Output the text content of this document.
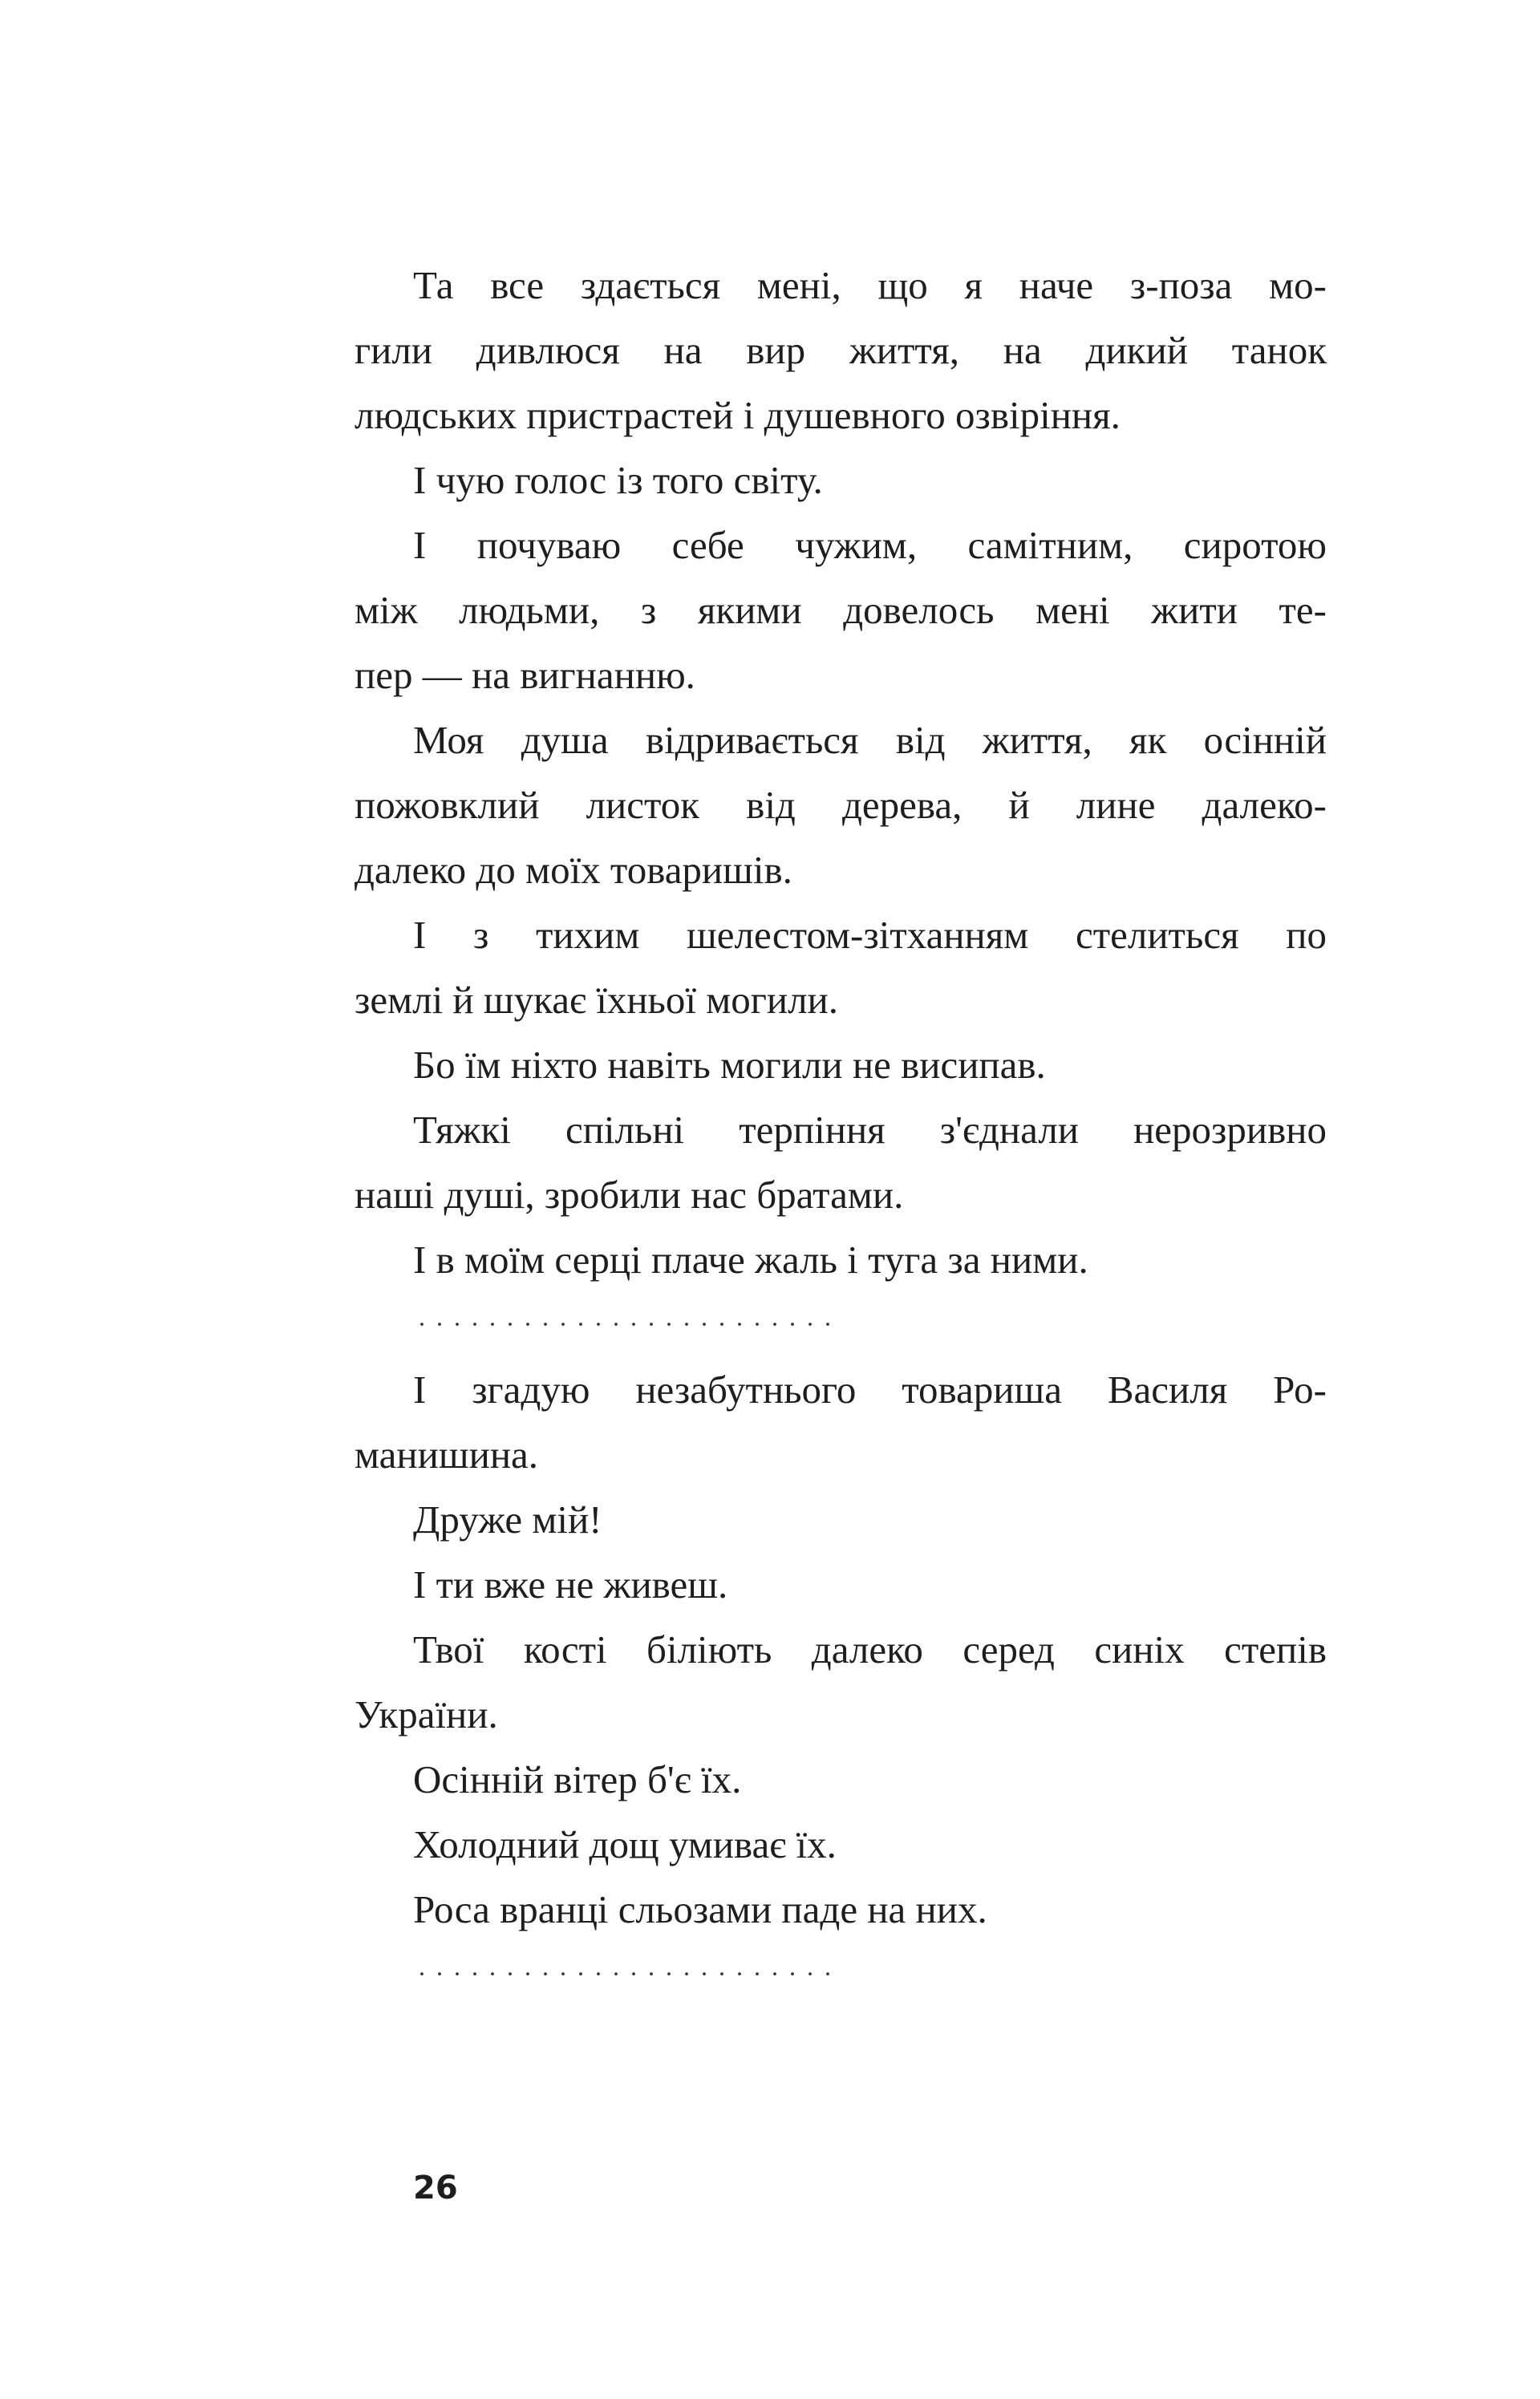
Та все здається мені, що я наче з-поза мо-
гили дивлюся на вир життя, на дикий танок
людських пристрастей і душевного озвіріння.
І чую голос із того світу.
І почуваю себе чужим, самітним, сиротою
між людьми, з якими довелось мені жити те-
пер — на вигнанню.
Моя душа відривається від життя, як осінній
пожовклий листок від дерева, й лине далеко-
далеко до моїх товаришів.
І з тихим шелестом-зітханням стелиться по
землі й шукає їхньої могили.
Бо їм ніхто навіть могили не висипав.
Тяжкі спільні терпіння з'єднали нерозривно
наші душі, зробили нас братами.
І в моїм серці плаче жаль і туга за ними.
І згадую незабутнього товариша Василя Ро-
манишина.
Друже мій!
І ти вже не живеш.
Твої кості біліють далеко серед синіх степів
України.
Осінній вітер б'є їх.
Холодний дощ умиває їх.
Роса вранці сльозами паде на них.
26
